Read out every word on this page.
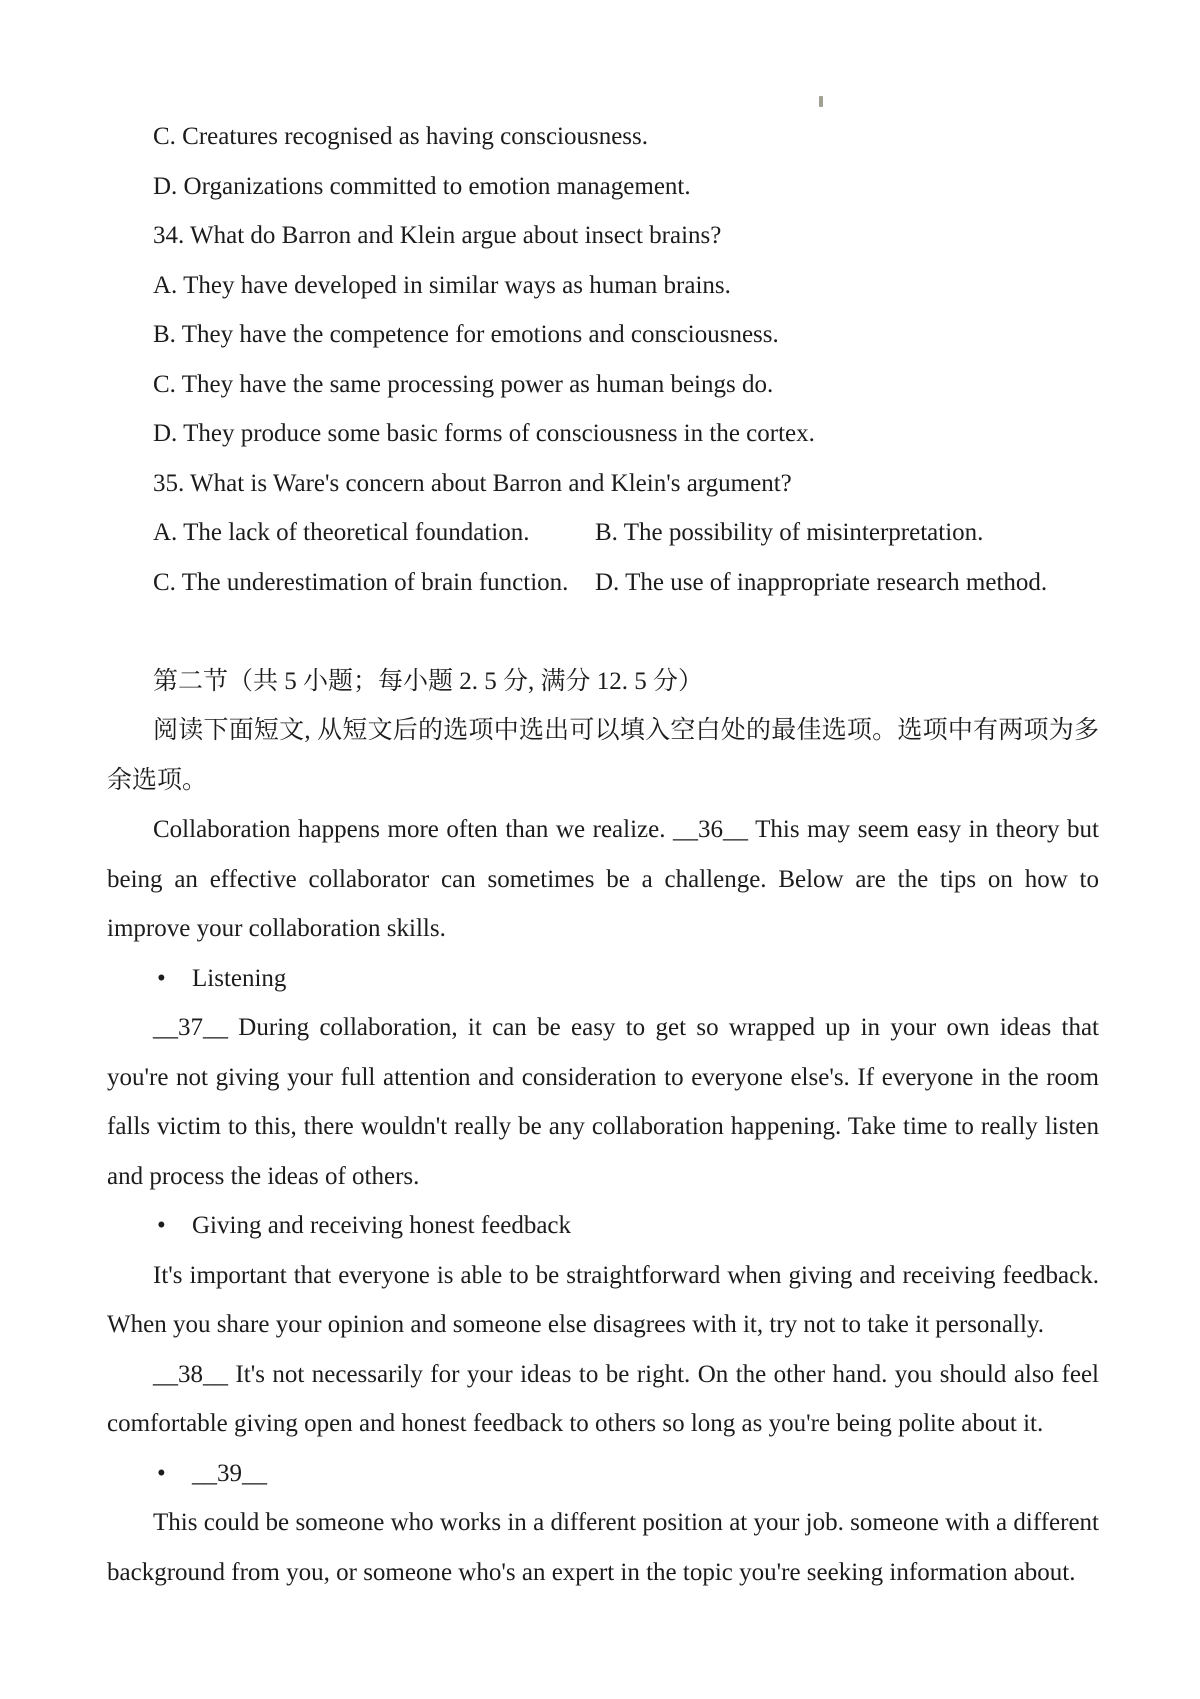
C. Creatures recognised as having consciousness.

D. Organizations committed to emotion management.

34. What do Barron and Klein argue about insect brains?

A. They have developed in similar ways as human brains.

B. They have the competence for emotions and consciousness.

C. They have the same processing power as human beings do.

D. They produce some basic forms of consciousness in the cortex.

35. What is Ware's concern about Barron and Klein's argument?

A. The lack of theoretical foundation.	B. The possibility of misinterpretation.

C. The underestimation of brain function.	D. The use of inappropriate research method.

第二节（共 5 小题；每小题 2. 5 分, 满分 12. 5 分）

阅读下面短文, 从短文后的选项中选出可以填入空白处的最佳选项。选项中有两项为多余选项。

Collaboration happens more often than we realize. __36__ This may seem easy in theory but being an effective collaborator can sometimes be a challenge. Below are the tips on how to improve your collaboration skills.

• Listening

__37__ During collaboration, it can be easy to get so wrapped up in your own ideas that you're not giving your full attention and consideration to everyone else's. If everyone in the room falls victim to this, there wouldn't really be any collaboration happening. Take time to really listen and process the ideas of others.

• Giving and receiving honest feedback

It's important that everyone is able to be straightforward when giving and receiving feedback. When you share your opinion and someone else disagrees with it, try not to take it personally.

__38__ It's not necessarily for your ideas to be right. On the other hand. you should also feel comfortable giving open and honest feedback to others so long as you're being polite about it.

• __39__

This could be someone who works in a different position at your job. someone with a different background from you, or someone who's an expert in the topic you're seeking information about.
